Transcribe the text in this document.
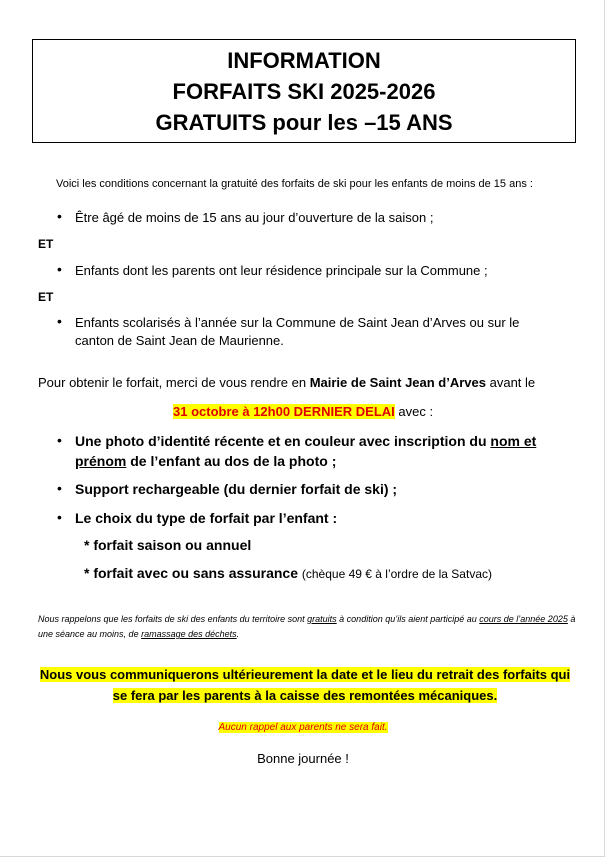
INFORMATION
FORFAITS SKI 2025-2026
GRATUITS pour les –15 ANS
Voici les conditions concernant la gratuité des forfaits de ski pour les enfants de moins de 15 ans :
• Être âgé de moins de 15 ans au jour d’ouverture de la saison ;
ET
• Enfants dont les parents ont leur résidence principale sur la Commune ;
ET
• Enfants scolarisés à l’année sur la Commune de Saint Jean d’Arves ou sur le
canton de Saint Jean de Maurienne.
Pour obtenir le forfait, merci de vous rendre en Mairie de Saint Jean d’Arves avant le
31 octobre à 12h00 DERNIER DELAI avec :
• Une photo d’identité récente et en couleur avec inscription du nom et
prénom de l’enfant au dos de la photo ;
• Support rechargeable (du dernier forfait de ski) ;
• Le choix du type de forfait par l’enfant :
* forfait saison ou annuel
* forfait avec ou sans assurance (chèque 49 € à l’ordre de la Satvac)
Nous rappelons que les forfaits de ski des enfants du territoire sont gratuits à condition qu’ils aient participé au cours de l’année 2025 à une séance au moins, de ramassage des déchets.
Nous vous communiquerons ultérieurement la date et le lieu du retrait des forfaits qui se fera par les parents à la caisse des remontées mécaniques.
Aucun rappel aux parents ne sera fait.
Bonne journée !
